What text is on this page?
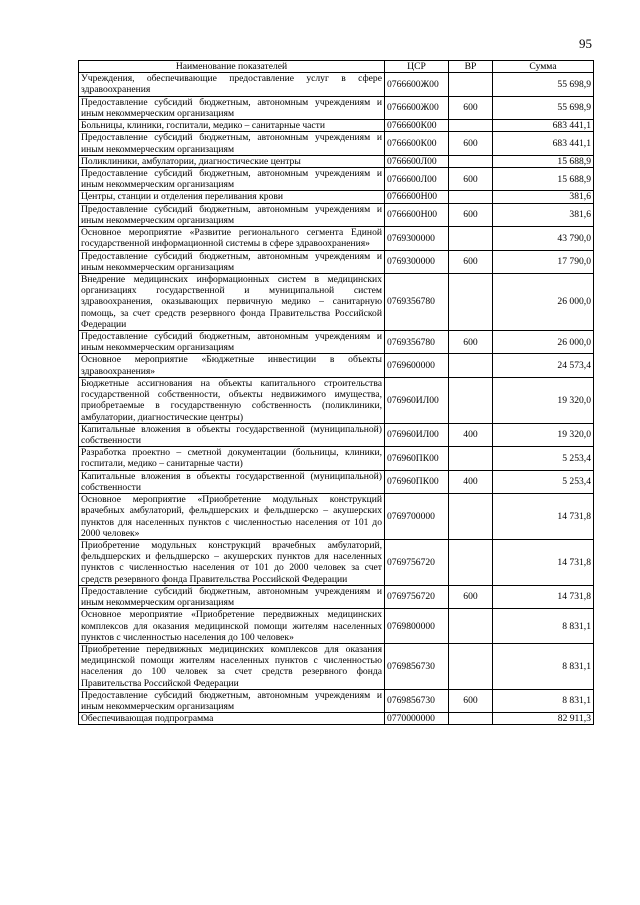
95
Наименование показателей	ЦСР	ВР	Сумма
Учреждения, обеспечивающие предоставление услуг в сфере здравоохранения	0766600Ж00		55 698,9
Предоставление субсидий бюджетным, автономным учреждениям и иным некоммерческим организациям	0766600Ж00	600	55 698,9
Больницы, клиники, госпитали, медико – санитарные части	0766600К00		683 441,1
Предоставление субсидий бюджетным, автономным учреждениям и иным некоммерческим организациям	0766600К00	600	683 441,1
Поликлиники, амбулатории, диагностические центры	0766600Л00		15 688,9
Предоставление субсидий бюджетным, автономным учреждениям и иным некоммерческим организациям	0766600Л00	600	15 688,9
Центры, станции и отделения переливания крови	0766600Н00		381,6
Предоставление субсидий бюджетным, автономным учреждениям и иным некоммерческим организациям	0766600Н00	600	381,6
Основное мероприятие «Развитие регионального сегмента Единой государственной информационной системы в сфере здравоохранения»	0769300000		43 790,0
Предоставление субсидий бюджетным, автономным учреждениям и иным некоммерческим организациям	0769300000	600	17 790,0
Внедрение медицинских информационных систем в медицинских организациях государственной и муниципальной систем здравоохранения, оказывающих первичную медико – санитарную помощь, за счет средств резервного фонда Правительства Российской Федерации	0769356780		26 000,0
Предоставление субсидий бюджетным, автономным учреждениям и иным некоммерческим организациям	0769356780	600	26 000,0
Основное мероприятие «Бюджетные инвестиции в объекты здравоохранения»	0769600000		24 573,4
Бюджетные ассигнования на объекты капитального строительства государственной собственности, объекты недвижимого имущества, приобретаемые в государственную собственность (поликлиники, амбулатории, диагностические центры)	076960ИЛ00		19 320,0
Капитальные вложения в объекты государственной (муниципальной) собственности	076960ИЛ00	400	19 320,0
Разработка проектно – сметной документации (больницы, клиники, госпитали, медико – санитарные части)	076960ПК00		5 253,4
Капитальные вложения в объекты государственной (муниципальной) собственности	076960ПК00	400	5 253,4
Основное мероприятие «Приобретение модульных конструкций врачебных амбулаторий, фельдшерских и фельдшерско – акушерских пунктов для населенных пунктов с численностью населения от 101 до 2000 человек»	0769700000		14 731,8
Приобретение модульных конструкций врачебных амбулаторий, фельдшерских и фельдшерско – акушерских пунктов для населенных пунктов с численностью населения от 101 до 2000 человек за счет средств резервного фонда Правительства Российской Федерации	0769756720		14 731,8
Предоставление субсидий бюджетным, автономным учреждениям и иным некоммерческим организациям	0769756720	600	14 731,8
Основное мероприятие «Приобретение передвижных медицинских комплексов для оказания медицинской помощи жителям населенных пунктов с численностью населения до 100 человек»	0769800000		8 831,1
Приобретение передвижных медицинских комплексов для оказания медицинской помощи жителям населенных пунктов с численностью населения до 100 человек за счет средств резервного фонда Правительства Российской Федерации	0769856730		8 831,1
Предоставление субсидий бюджетным, автономным учреждениям и иным некоммерческим организациям	0769856730	600	8 831,1
Обеспечивающая подпрограмма	0770000000		82 911,3
